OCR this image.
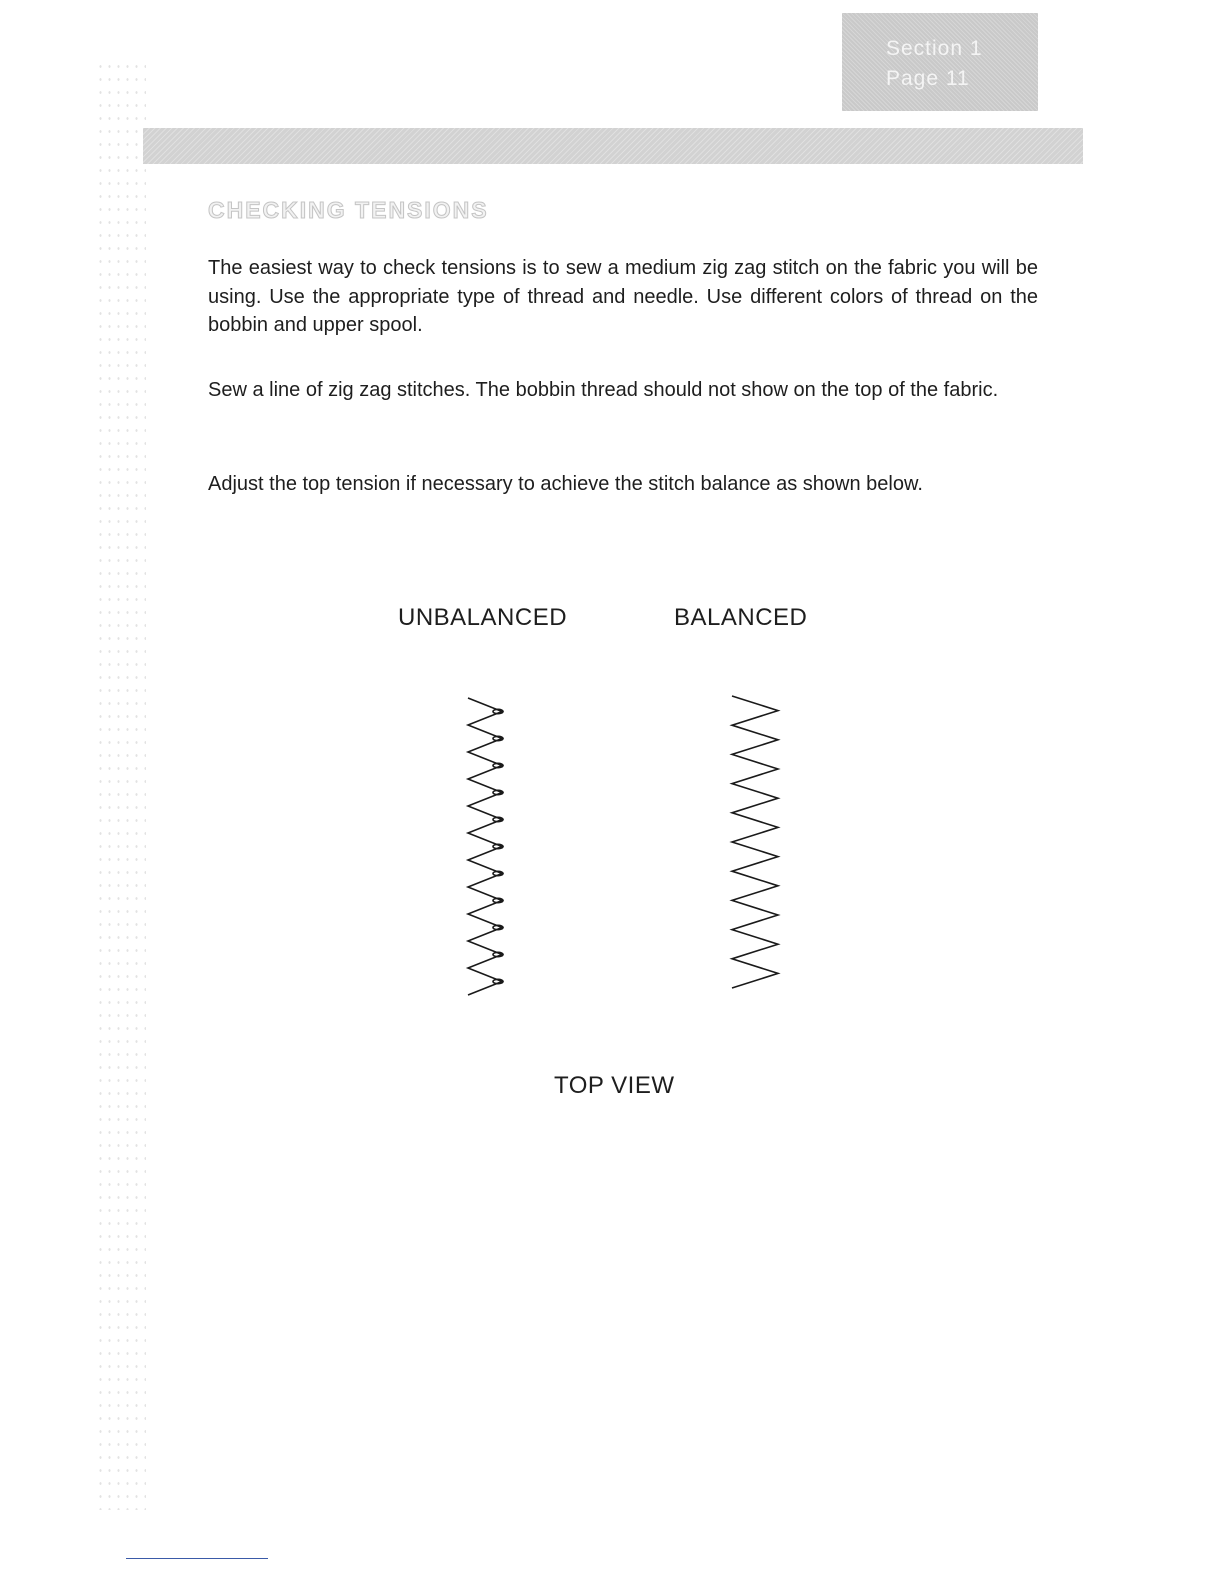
Section 1
Page 11
CHECKING TENSIONS

The easiest way to check tensions is to sew a medium zig zag stitch on the fabric you will be using. Use the appropriate type of thread and needle. Use different colors of thread on the bobbin and upper spool.

Sew a line of zig zag stitches. The bobbin thread should not show on the top of the fabric.

Adjust the top tension if necessary to achieve the stitch balance as shown below.

UNBALANCED	BALANCED
TOP VIEW
